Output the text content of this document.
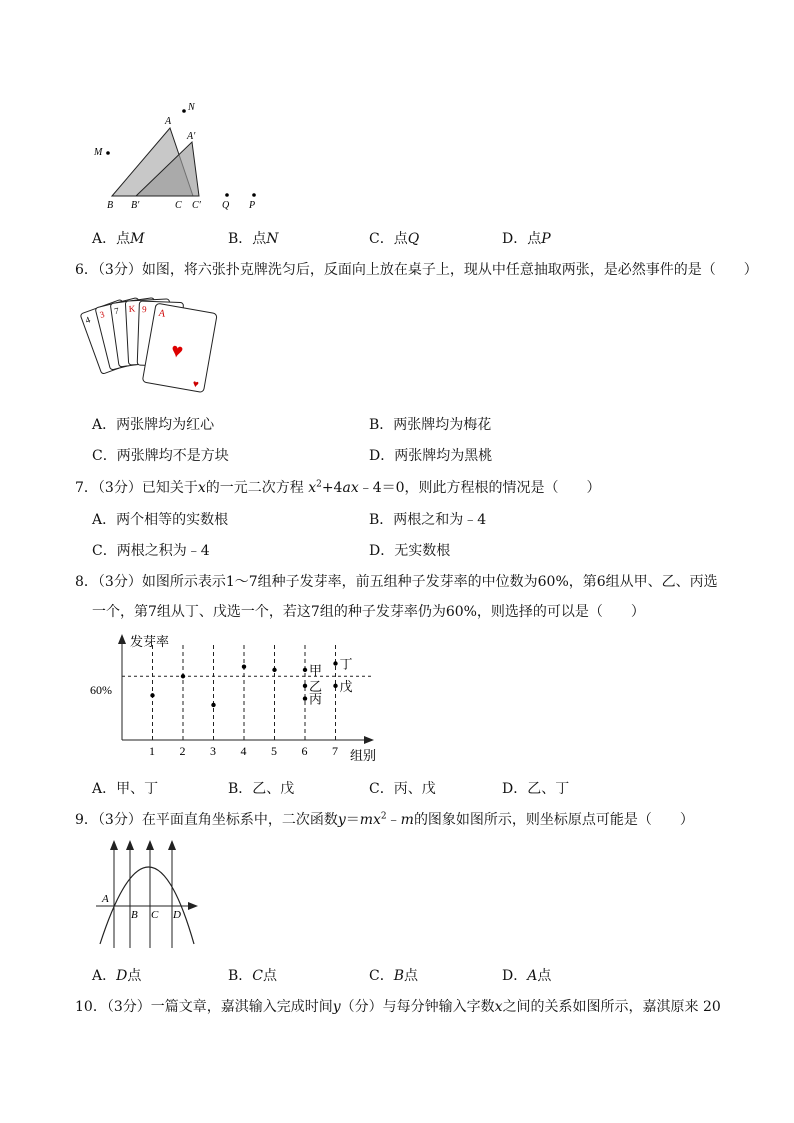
N
A
A′
M
B B′	C C′ Q P
A．点M	B．点N	C．点Q	D．点P
6．（3分）如图，将六张扑克牌洗匀后，反面向上放在桌子上，现从中任意抽取两张，是必然事件的是（　　）
4 3 7 K 9 A
♥
♥
A．两张牌均为红心	B．两张牌均为梅花
C．两张牌均不是方块	D．两张牌均为黑桃
7．（3分）已知关于x的一元二次方程 $x^2+4ax﹣4=0$，则此方程根的情况是（　　）
A．两个相等的实数根	B．两根之和为﹣4
C．两根之积为﹣4	D．无实数根
8．（3分）如图所示表示1～7组种子发芽率，前五组种子发芽率的中位数为60%，第6组从甲、乙、丙选
一个，第7组从丁、戊选一个，若这7组的种子发芽率仍为60%，则选择的可以是（　　）
发芽率
组别
60%
1 2 3 4 5 6 7
甲
乙
丙
丁
戊
A．甲、丁	B．乙、戊	C．丙、戊	D．乙、丁
9．（3分）在平面直角坐标系中，二次函数$y=mx^2﹣m$的图象如图所示，则坐标原点可能是（　　）
A
B C D
A．D点	B．C点	C．B点	D．A点
10．（3分）一篇文章，嘉淇输入完成时间y（分）与每分钟输入字数x之间的关系如图所示，嘉淇原来 20
